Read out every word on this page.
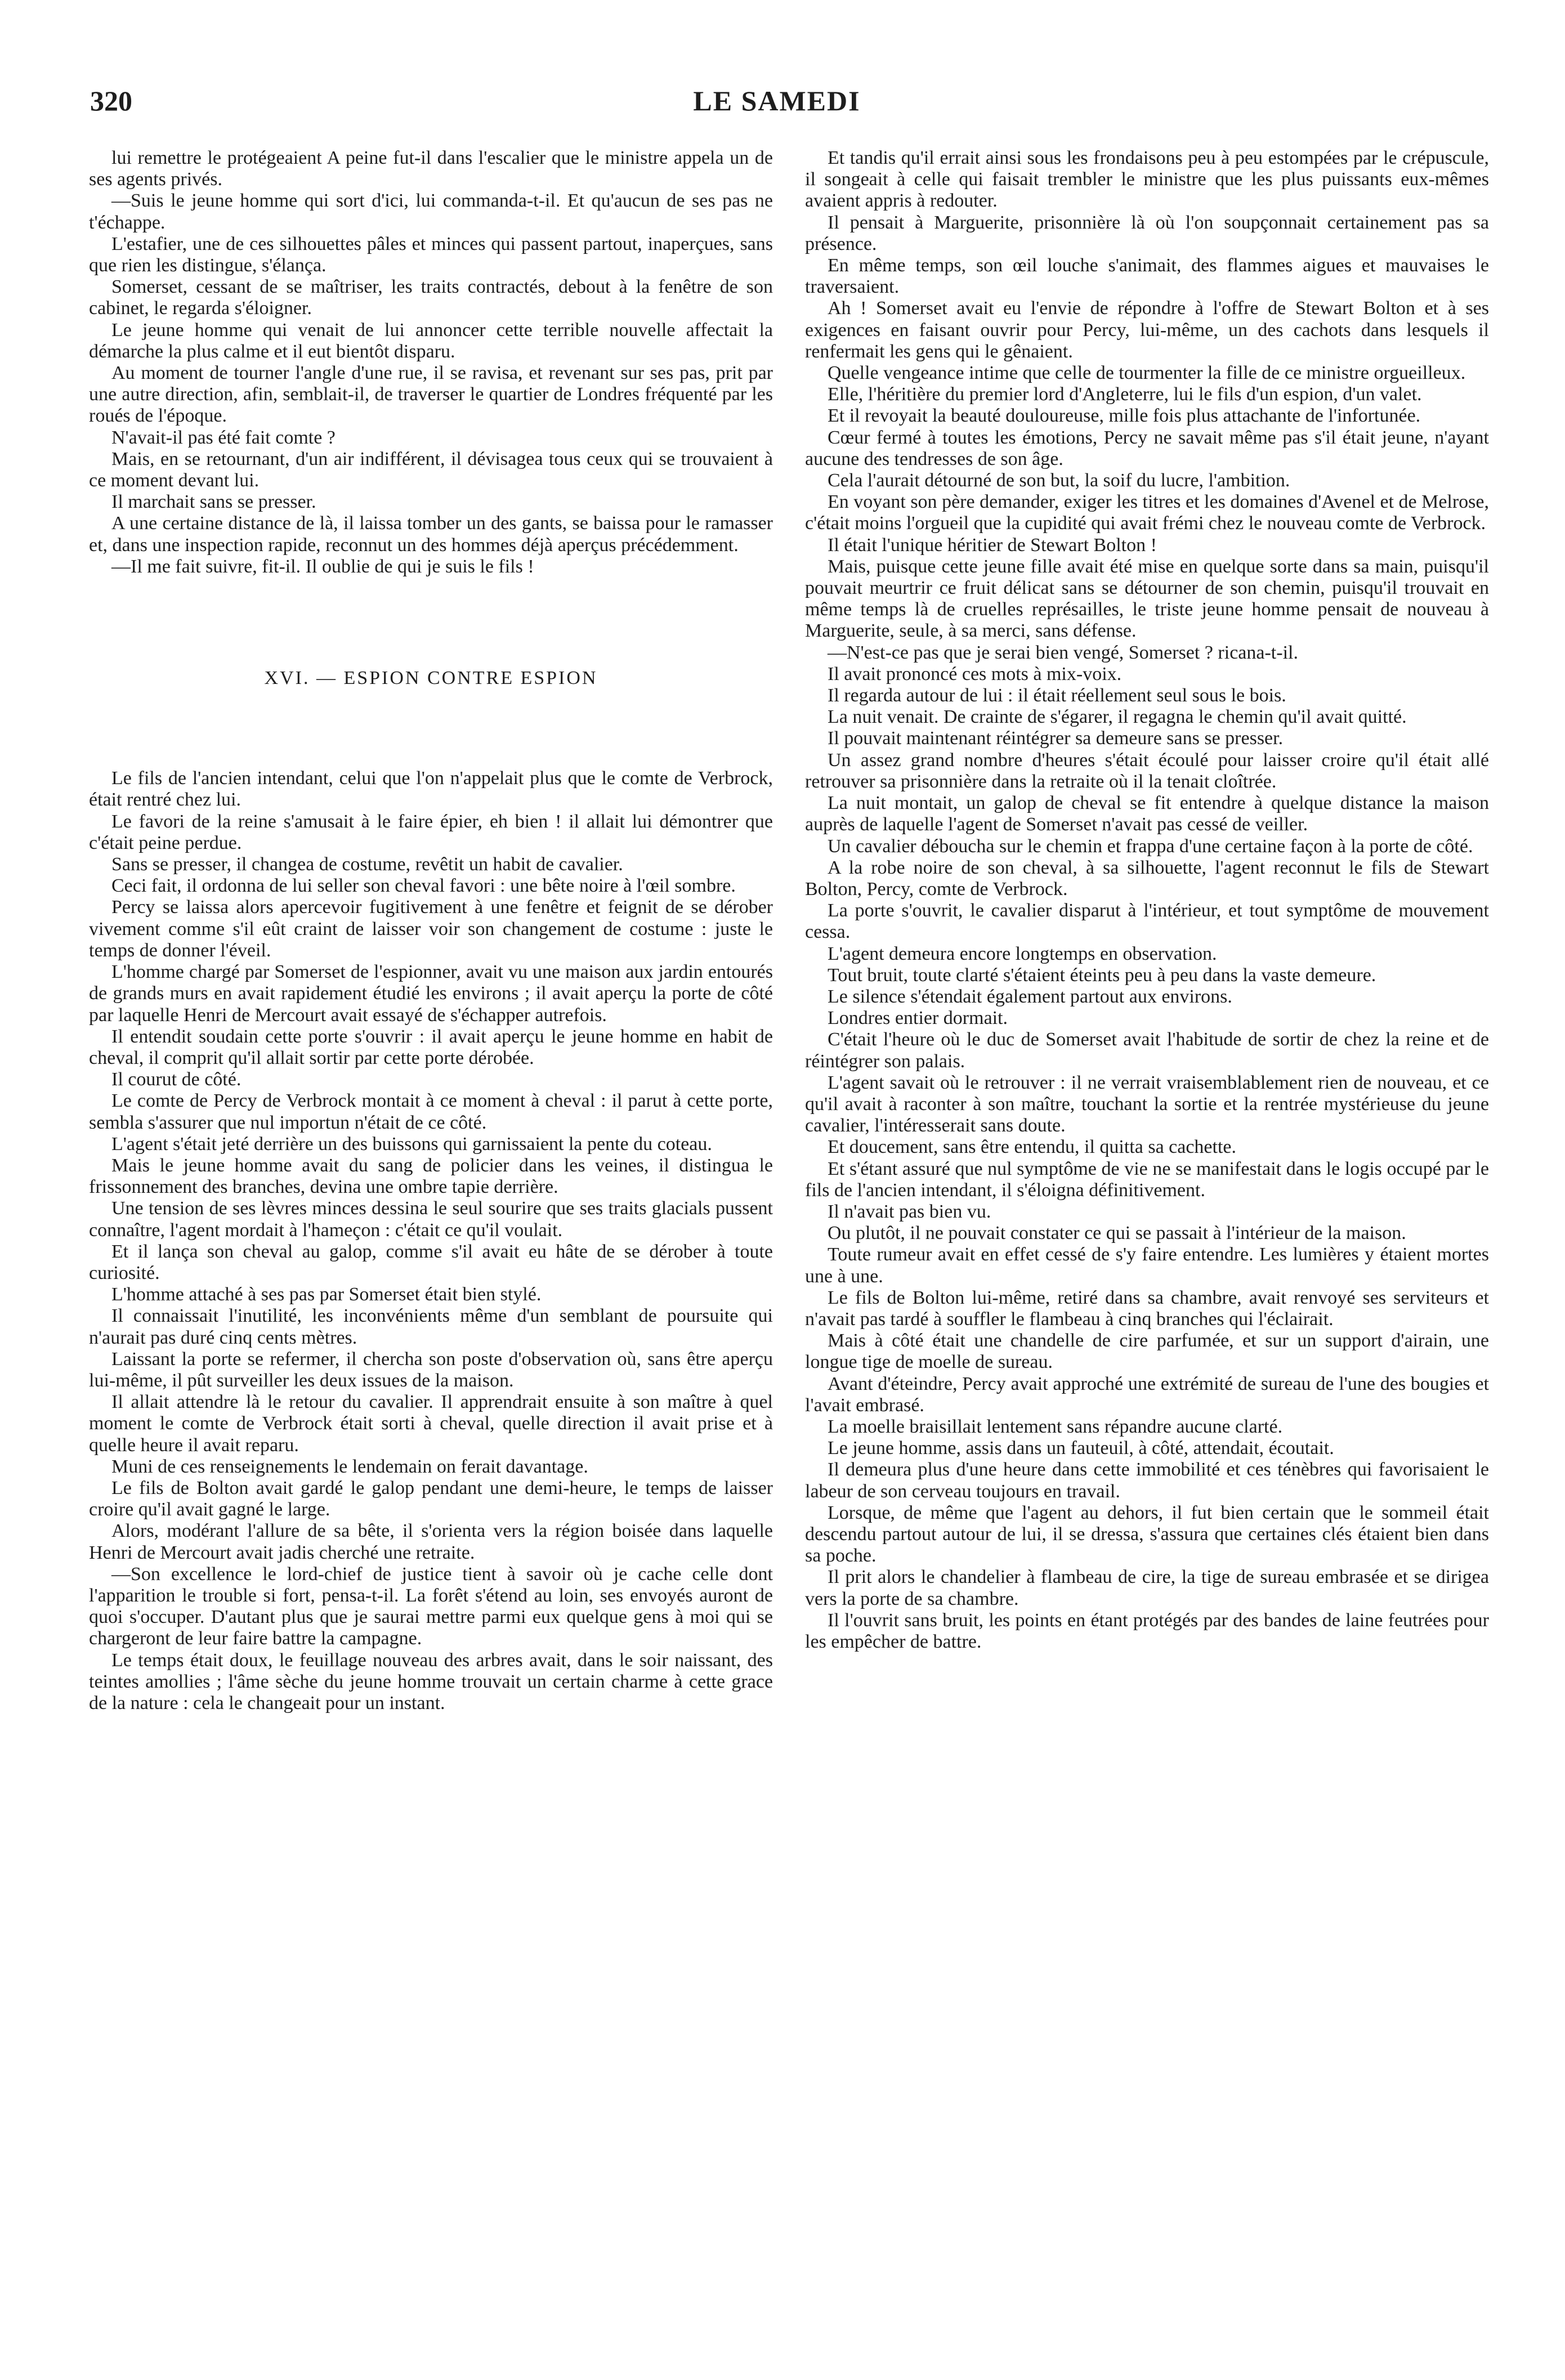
320	LE SAMEDI

lui remettre le protégeaient A peine fut-il dans l'escalier que le ministre appela un de ses agents privés.

—Suis le jeune homme qui sort d'ici, lui commanda-t-il. Et qu'aucun de ses pas ne t'échappe.

L'estafier, une de ces silhouettes pâles et minces qui passent partout, inaperçues, sans que rien les distingue, s'élança.

Somerset, cessant de se maîtriser, les traits contractés, debout à la fenêtre de son cabinet, le regarda s'éloigner.

Le jeune homme qui venait de lui annoncer cette terrible nouvelle affectait la démarche la plus calme et il eut bientôt disparu.

Au moment de tourner l'angle d'une rue, il se ravisa, et revenant sur ses pas, prit par une autre direction, afin, semblait-il, de traverser le quartier de Londres fréquenté par les roués de l'époque.

N'avait-il pas été fait comte ?

Mais, en se retournant, d'un air indifférent, il dévisagea tous ceux qui se trouvaient à ce moment devant lui.

Il marchait sans se presser.

A une certaine distance de là, il laissa tomber un des gants, se baissa pour le ramasser et, dans une inspection rapide, reconnut un des hommes déjà aperçus précédemment.

—Il me fait suivre, fit-il. Il oublie de qui je suis le fils !

XVI. — ESPION CONTRE ESPION

Le fils de l'ancien intendant, celui que l'on n'appelait plus que le comte de Verbrock, était rentré chez lui.

Le favori de la reine s'amusait à le faire épier, eh bien ! il allait lui démontrer que c'était peine perdue.

Sans se presser, il changea de costume, revêtit un habit de cavalier.

Ceci fait, il ordonna de lui seller son cheval favori : une bête noire à l'œil sombre.

Percy se laissa alors apercevoir fugitivement à une fenêtre et feignit de se dérober vivement comme s'il eût craint de laisser voir son changement de costume : juste le temps de donner l'éveil.

L'homme chargé par Somerset de l'espionner, avait vu une maison aux jardin entourés de grands murs en avait rapidement étudié les environs ; il avait aperçu la porte de côté par laquelle Henri de Mercourt avait essayé de s'échapper autrefois.

Il entendit soudain cette porte s'ouvrir : il avait aperçu le jeune homme en habit de cheval, il comprit qu'il allait sortir par cette porte dérobée.

Il courut de côté.

Le comte de Percy de Verbrock montait à ce moment à cheval : il parut à cette porte, sembla s'assurer que nul importun n'était de ce côté.

L'agent s'était jeté derrière un des buissons qui garnissaient la pente du coteau.

Mais le jeune homme avait du sang de policier dans les veines, il distingua le frissonnement des branches, devina une ombre tapie derrière.

Une tension de ses lèvres minces dessina le seul sourire que ses traits glacials pussent connaître, l'agent mordait à l'hameçon : c'était ce qu'il voulait.

Et il lança son cheval au galop, comme s'il avait eu hâte de se dérober à toute curiosité.

L'homme attaché à ses pas par Somerset était bien stylé.

Il connaissait l'inutilité, les inconvénients même d'un semblant de poursuite qui n'aurait pas duré cinq cents mètres.

Laissant la porte se refermer, il chercha son poste d'observation où, sans être aperçu lui-même, il pût surveiller les deux issues de la maison.

Il allait attendre là le retour du cavalier. Il apprendrait ensuite à son maître à quel moment le comte de Verbrock était sorti à cheval, quelle direction il avait prise et à quelle heure il avait reparu.

Muni de ces renseignements le lendemain on ferait davantage.

Le fils de Bolton avait gardé le galop pendant une demi-heure, le temps de laisser croire qu'il avait gagné le large.

Alors, modérant l'allure de sa bête, il s'orienta vers la région boisée dans laquelle Henri de Mercourt avait jadis cherché une retraite.

—Son excellence le lord-chief de justice tient à savoir où je cache celle dont l'apparition le trouble si fort, pensa-t-il. La forêt s'étend au loin, ses envoyés auront de quoi s'occuper. D'autant plus que je saurai mettre parmi eux quelque gens à moi qui se chargeront de leur faire battre la campagne.

Le temps était doux, le feuillage nouveau des arbres avait, dans le soir naissant, des teintes amollies ; l'âme sèche du jeune homme trouvait un certain charme à cette grace de la nature : cela le changeait pour un instant.

Et tandis qu'il errait ainsi sous les frondaisons peu à peu estompées par le crépuscule, il songeait à celle qui faisait trembler le ministre que les plus puissants eux-mêmes avaient appris à redouter.

Il pensait à Marguerite, prisonnière là où l'on soupçonnait certainement pas sa présence.

En même temps, son œil louche s'animait, des flammes aigues et mauvaises le traversaient.

Ah ! Somerset avait eu l'envie de répondre à l'offre de Stewart Bolton et à ses exigences en faisant ouvrir pour Percy, lui-même, un des cachots dans lesquels il renfermait les gens qui le gênaient.

Quelle vengeance intime que celle de tourmenter la fille de ce ministre orgueilleux.

Elle, l'héritière du premier lord d'Angleterre, lui le fils d'un espion, d'un valet.

Et il revoyait la beauté douloureuse, mille fois plus attachante de l'infortunée.

Cœur fermé à toutes les émotions, Percy ne savait même pas s'il était jeune, n'ayant aucune des tendresses de son âge.

Cela l'aurait détourné de son but, la soif du lucre, l'ambition.

En voyant son père demander, exiger les titres et les domaines d'Avenel et de Melrose, c'était moins l'orgueil que la cupidité qui avait frémi chez le nouveau comte de Verbrock.

Il était l'unique héritier de Stewart Bolton !

Mais, puisque cette jeune fille avait été mise en quelque sorte dans sa main, puisqu'il pouvait meurtrir ce fruit délicat sans se détourner de son chemin, puisqu'il trouvait en même temps là de cruelles représailles, le triste jeune homme pensait de nouveau à Marguerite, seule, à sa merci, sans défense.

—N'est-ce pas que je serai bien vengé, Somerset ? ricana-t-il.

Il avait prononcé ces mots à mix-voix.

Il regarda autour de lui : il était réellement seul sous le bois.

La nuit venait. De crainte de s'égarer, il regagna le chemin qu'il avait quitté.

Il pouvait maintenant réintégrer sa demeure sans se presser.

Un assez grand nombre d'heures s'était écoulé pour laisser croire qu'il était allé retrouver sa prisonnière dans la retraite où il la tenait cloîtrée.

La nuit montait, un galop de cheval se fit entendre à quelque distance la maison auprès de laquelle l'agent de Somerset n'avait pas cessé de veiller.

Un cavalier déboucha sur le chemin et frappa d'une certaine façon à la porte de côté.

A la robe noire de son cheval, à sa silhouette, l'agent reconnut le fils de Stewart Bolton, Percy, comte de Verbrock.

La porte s'ouvrit, le cavalier disparut à l'intérieur, et tout symptôme de mouvement cessa.

L'agent demeura encore longtemps en observation.

Tout bruit, toute clarté s'étaient éteints peu à peu dans la vaste demeure.

Le silence s'étendait également partout aux environs.

Londres entier dormait.

C'était l'heure où le duc de Somerset avait l'habitude de sortir de chez la reine et de réintégrer son palais.

L'agent savait où le retrouver : il ne verrait vraisemblablement rien de nouveau, et ce qu'il avait à raconter à son maître, touchant la sortie et la rentrée mystérieuse du jeune cavalier, l'intéresserait sans doute.

Et doucement, sans être entendu, il quitta sa cachette.

Et s'étant assuré que nul symptôme de vie ne se manifestait dans le logis occupé par le fils de l'ancien intendant, il s'éloigna définitivement.

Il n'avait pas bien vu.

Ou plutôt, il ne pouvait constater ce qui se passait à l'intérieur de la maison.

Toute rumeur avait en effet cessé de s'y faire entendre. Les lumières y étaient mortes une à une.

Le fils de Bolton lui-même, retiré dans sa chambre, avait renvoyé ses serviteurs et n'avait pas tardé à souffler le flambeau à cinq branches qui l'éclairait.

Mais à côté était une chandelle de cire parfumée, et sur un support d'airain, une longue tige de moelle de sureau.

Avant d'éteindre, Percy avait approché une extrémité de sureau de l'une des bougies et l'avait embrasé.

La moelle braisillait lentement sans répandre aucune clarté.

Le jeune homme, assis dans un fauteuil, à côté, attendait, écoutait.

Il demeura plus d'une heure dans cette immobilité et ces ténèbres qui favorisaient le labeur de son cerveau toujours en travail.

Lorsque, de même que l'agent au dehors, il fut bien certain que le sommeil était descendu partout autour de lui, il se dressa, s'assura que certaines clés étaient bien dans sa poche.

Il prit alors le chandelier à flambeau de cire, la tige de sureau embrasée et se dirigea vers la porte de sa chambre.

Il l'ouvrit sans bruit, les points en étant protégés par des bandes de laine feutrées pour les empêcher de battre.
